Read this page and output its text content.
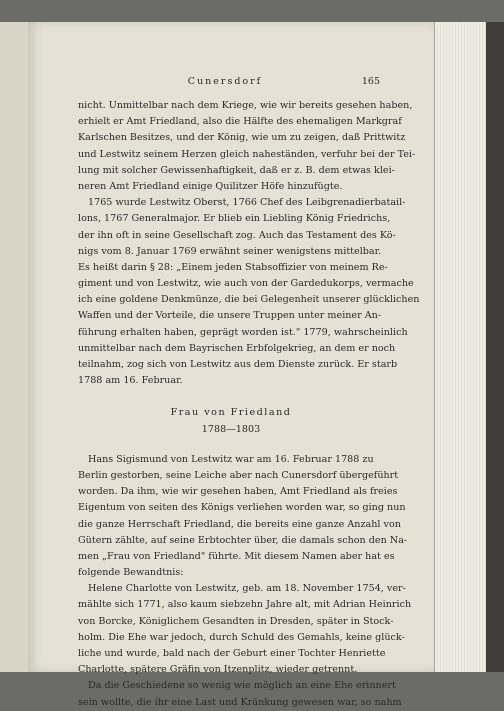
Cunersdorf	165
nicht. Unmittelbar nach dem Kriege, wie wir bereits gesehen haben,
erhielt er Amt Friedland, also die Hälfte des ehemaligen Markgraf
Karlschen Besitzes, und der König, wie um zu zeigen, daß Prittwitz
und Lestwitz seinem Herzen gleich naheständen, verfuhr bei der Tei-
lung mit solcher Gewissenhaftigkeit, daß er z. B. dem etwas klei-
neren Amt Friedland einige Quilitzer Höfe hinzufügte.
1765 wurde Lestwitz Oberst, 1766 Chef des Leibgrenadierbatail-
lons, 1767 Generalmajor. Er blieb ein Liebling König Friedrichs,
der ihn oft in seine Gesellschaft zog. Auch das Testament des Kö-
nigs vom 8. Januar 1769 erwähnt seiner wenigstens mittelbar.
Es heißt darin § 28: „Einem jeden Stabsoffizier von meinem Re-
giment und von Lestwitz, wie auch von der Gardedukorps, vermache
ich eine goldene Denkmünze, die bei Gelegenheit unserer glücklichen
Waffen und der Vorteile, die unsere Truppen unter meiner An-
führung erhalten haben, geprägt worden ist." 1779, wahrscheinlich
unmittelbar nach dem Bayrischen Erbfolgekrieg, an dem er noch
teilnahm, zog sich von Lestwitz aus dem Dienste zurück. Er starb
1788 am 16. Februar.
Frau von Friedland
1788—1803
Hans Sigismund von Lestwitz war am 16. Februar 1788 zu
Berlin gestorben, seine Leiche aber nach Cunersdorf übergeführt
worden. Da ihm, wie wir gesehen haben, Amt Friedland als freies
Eigentum von seiten des Königs verliehen worden war, so ging nun
die ganze Herrschaft Friedland, die bereits eine ganze Anzahl von
Gütern zählte, auf seine Erbtochter über, die damals schon den Na-
men „Frau von Friedland" führte. Mit diesem Namen aber hat es
folgende Bewandtnis:
Helene Charlotte von Lestwitz, geb. am 18. November 1754, ver-
mählte sich 1771, also kaum siebzehn Jahre alt, mit Adrian Heinrich
von Borcke, Königlichem Gesandten in Dresden, später in Stock-
holm. Die Ehe war jedoch, durch Schuld des Gemahls, keine glück-
liche und wurde, bald nach der Geburt einer Tochter Henriette
Charlotte, spätere Gräfin von Itzenplitz, wieder getrennt.
Da die Geschiedene so wenig wie möglich an eine Ehe erinnert
sein wollte, die ihr eine Last und Kränkung gewesen war, so nahm
